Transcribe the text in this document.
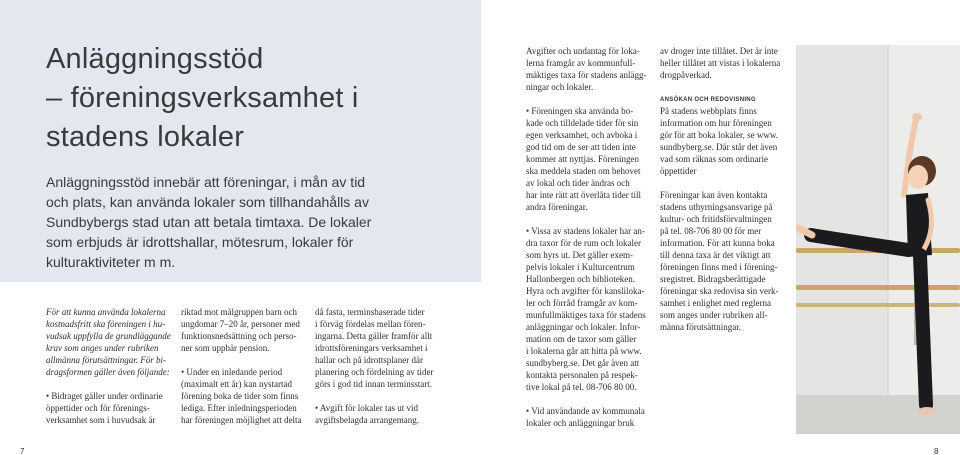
Anläggningsstöd
– föreningsverksamhet i
stadens lokaler
Anläggningsstöd innebär att föreningar, i mån av tid
och plats, kan använda lokaler som tillhandahålls av
Sundbybergs stad utan att betala timtaxa. De lokaler
som erbjuds är idrottshallar, mötesrum, lokaler för
kulturaktiviteter m m.
För att kunna använda lokalerna
kostnadsfritt ska föreningen i hu-
vudsak uppfylla de grundläggande
krav som anges under rubriken
allmänna förutsättningar. För bi-
dragsformen gäller även följande:
• Bidraget gäller under ordinarie
öppettider och för förenings-
verksamhet som i huvudsak är
riktad mot målgruppen barn och
ungdomar 7–20 år, personer med
funktionsnedsättning och perso-
ner som uppbär pension.
• Under en inledande period
(maximalt ett år) kan nystartad
förening boka de tider som finns
lediga. Efter inledningsperioden
har föreningen möjlighet att delta
då fasta, terminsbaserade tider
i förväg fördelas mellan fören-
ingarna. Detta gäller framför allt
idrottsföreningars verksamhet i
hallar och på idrottsplaner där
planering och fördelning av tider
görs i god tid innan terminsstart.
• Avgift för lokaler tas ut vid
avgiftsbelagda arrangemang.
7
Avgifter och undantag för loka-
lerna framgår av kommunfull-
mäktiges taxa för stadens anlägg-
ningar och lokaler.
• Föreningen ska använda bo-
kade och tilldelade tider för sin
egen verksamhet, och avboka i
god tid om de ser att tiden inte
kommer att nyttjas. Föreningen
ska meddela staden om behovet
av lokal och tider ändras och
har inte rätt att överlåta tider till
andra föreningar.
• Vissa av stadens lokaler har an-
dra taxor för de rum och lokaler
som hyrs ut. Det gäller exem-
pelvis lokaler i Kulturcentrum
Hallonbergen och biblioteken.
Hyra och avgifter för kansliloka-
ler och förråd framgår av kom-
munfullmäktiges taxa för stadens
anläggningar och lokaler. Infor-
mation om de taxor som gäller
i lokalerna går att hitta på www.
sundbyberg.se. Det går även att
kontakta personalen på respek-
tive lokal på tel. 08-706 80 00.
• Vid användande av kommunala
lokaler och anläggningar bruk
av droger inte tillåtet. Det är inte
heller tillåtet att vistas i lokalerna
drogpåverkad.
ANSÖKAN OCH REDOVISNING
På stadens webbplats finns
information om hur föreningen
gör för att boka lokaler, se www.
sundbyberg.se. Där står det även
vad som räknas som ordinarie
öppettider
Föreningar kan även kontakta
stadens uthyrningsansvarige på
kultur- och fritidsförvaltningen
på tel. 08-706 80 00 för mer
information. För att kunna boka
till denna taxa är det viktigt att
föreningen finns med i förening-
sregistret. Bidragsberättigade
föreningar ska redovisa sin verk-
samhet i enlighet med reglerna
som anges under rubriken all-
männa förutsättningar.
8
